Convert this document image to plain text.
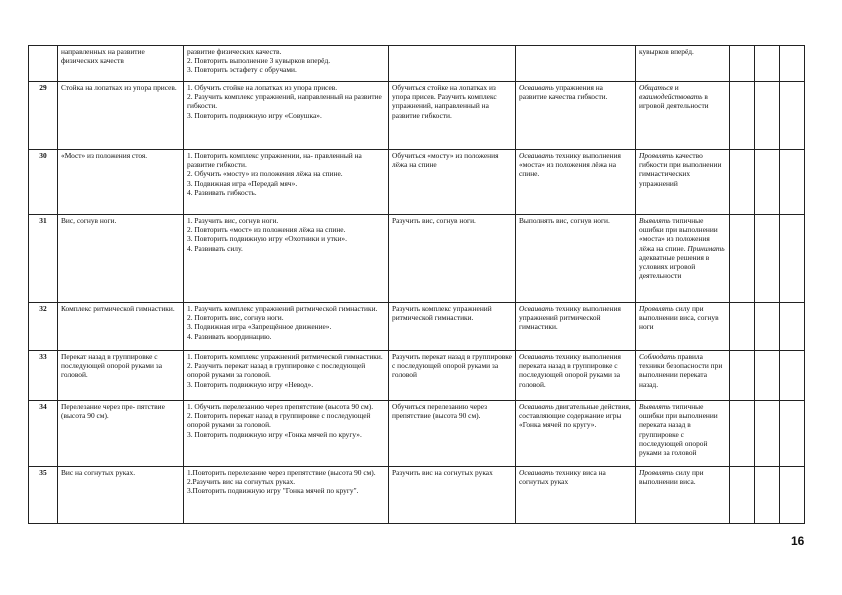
	направленных на развитие физических качеств	развитие физических качеств.
2. Повторить выполнение 3 кувырков вперёд.
3. Повторить эстафету с обручами.			кувырков вперёд.			
29	Стойка на лопатках из упора присев.	1. Обучить стойке на лопатках из упора присев.
2. Разучить комплекс упражнений, направленный на развитие гибкости.
3. Повторить подвижную игру «Совушка».	Обучиться стойке на лопатках из упора присев. Разучить комплекс упражнений, направленный на развитие гибкости.	Осваивать упражнения на развитие качества гибкости.	Общаться и взаимодействовать в игровой деятельности			
30	«Мост» из положения стоя.	1. Повторить комплекс упражнении, на- правленный на развитие гибкости.
2. Обучить «мосту» из положения лёжа на спине.
3. Подвижная игра «Передай мяч».
4. Развивать гибкость.	Обучиться «мосту» из положения лёжа на спине	Осваивать технику выполнения «моста» из положения лёжа на спине.	Проявлять качество гибкости при выполнении гимнастических упражнений			
31	Вис, согнув ноги.	1. Разучить вис, согнув ноги.
2. Повторить «мост» из положения лёжа на спине.
3. Повторить подвижную игру «Охотники и утки».
4. Развивать силу.	Разучить вис, согнув ноги.	Выполнять вис, согнув ноги.	Выявлять типичные ошибки при выполнении «моста» из положения лёжа на спине. Принимать адекватные решения в условиях игровой деятельности			
32	Комплекс ритмической гимнастики.	1. Разучить комплекс упражнений ритмической гимнастики.
2. Повторить вис, согнув ноги.
3. Подвижная игра «Запрещённое движение».
4. Развивать координацию.	Разучить комплекс упражнений ритмической гимнастики.	Осваивать технику выполнения упражнений ритмической гимнастики.	Проявлять силу при выполнении виса, согнув ноги			
33	Перекат назад в группировке с последующей опорой руками за головой.	1. Повторить комплекс упражнений ритмической гимнастики.
2. Разучить перекат назад в группировке с последующей опорой руками за головой.
3. Повторить подвижную игру «Невод».	Разучить перекат назад в группировке с последующей опорой руками за головой	Осваивать технику выполнения переката назад в группировке с последующей опорой руками за головой.	Соблюдать правила техники безопасности при выполнении переката назад.			
34	Перелезание через пре- пятствие (высота 90 см).	1. Обучить перелезанию через препятствие (высота 90 см).
2. Повторить перекат назад в группировке с последующей опорой руками за головой.
3. Повторить подвижную игру «Гонка мячей по кругу».	Обучиться перелезанию через препятствие (высота 90 см).	Осваивать двигательные действия, составляющие содержание игры «Гонка мячей по кругу».	Выявлять типичные ошибки при выполнении переката назад в группировке с последующей опорой руками за головой			
35	Вис на согнутых руках.	1.Повторить перелезание через препятствие (высота 90 см).
2.Разучить вис на согнутых руках.
3.Повторить подвижную игру "Гонка мячей по кругу".	Разучить вис на согнутых руках	Осваивать технику виса на согнутых руках	Проявлять силу при выполнении виса.			
16
